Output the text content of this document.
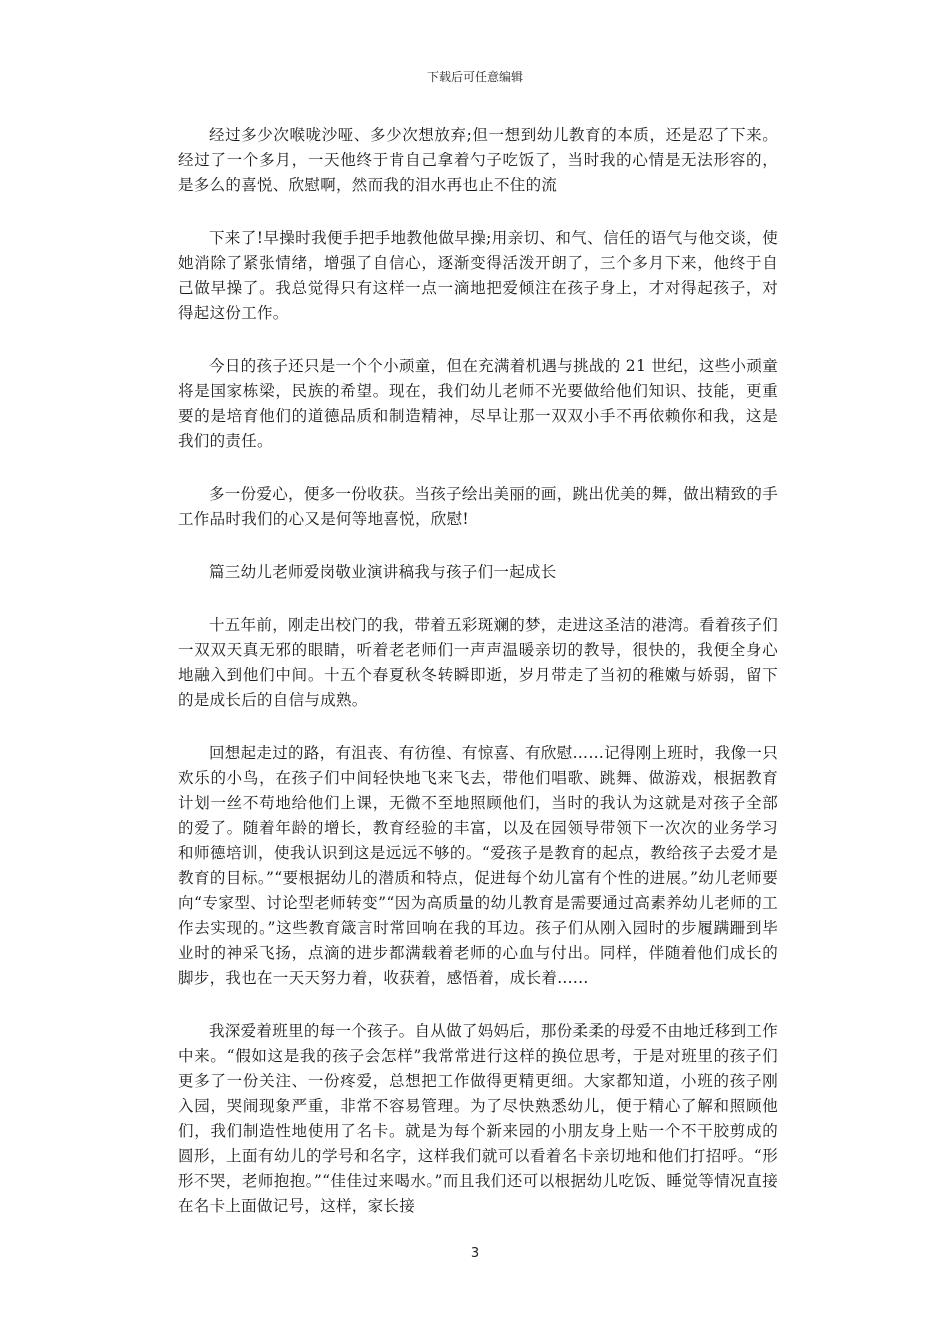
下载后可任意编辑

经过多少次喉咙沙哑、多少次想放弃;但一想到幼儿教育的本质，还是忍了下来。经过了一个多月，一天他终于肯自己拿着勺子吃饭了，当时我的心情是无法形容的，是多么的喜悦、欣慰啊，然而我的泪水再也止不住的流

下来了!早操时我便手把手地教他做早操;用亲切、和气、信任的语气与他交谈，使她消除了紧张情绪，增强了自信心，逐渐变得活泼开朗了，三个多月下来，他终于自己做早操了。我总觉得只有这样一点一滴地把爱倾注在孩子身上，才对得起孩子，对得起这份工作。

今日的孩子还只是一个个小顽童，但在充满着机遇与挑战的 21 世纪，这些小顽童将是国家栋梁，民族的希望。现在，我们幼儿老师不光要做给他们知识、技能，更重要的是培育他们的道德品质和制造精神，尽早让那一双双小手不再依赖你和我，这是我们的责任。

多一份爱心，便多一份收获。当孩子绘出美丽的画，跳出优美的舞，做出精致的手工作品时我们的心又是何等地喜悦，欣慰!

篇三幼儿老师爱岗敬业演讲稿我与孩子们一起成长

十五年前，刚走出校门的我，带着五彩斑斓的梦，走进这圣洁的港湾。看着孩子们一双双天真无邪的眼睛，听着老老师们一声声温暖亲切的教导，很快的，我便全身心地融入到他们中间。十五个春夏秋冬转瞬即逝，岁月带走了当初的稚嫩与娇弱，留下的是成长后的自信与成熟。

回想起走过的路，有沮丧、有彷徨、有惊喜、有欣慰……记得刚上班时，我像一只欢乐的小鸟，在孩子们中间轻快地飞来飞去，带他们唱歌、跳舞、做游戏，根据教育计划一丝不苟地给他们上课，无微不至地照顾他们，当时的我认为这就是对孩子全部的爱了。随着年龄的增长，教育经验的丰富，以及在园领导带领下一次次的业务学习和师德培训，使我认识到这是远远不够的。“爱孩子是教育的起点，教给孩子去爱才是教育的目标。”“要根据幼儿的潜质和特点，促进每个幼儿富有个性的进展。”幼儿老师要向“专家型、讨论型老师转变”“因为高质量的幼儿教育是需要通过高素养幼儿老师的工作去实现的。”这些教育箴言时常回响在我的耳边。孩子们从刚入园时的步履蹒跚到毕业时的神采飞扬，点滴的进步都满载着老师的心血与付出。同样，伴随着他们成长的脚步，我也在一天天努力着，收获着，感悟着，成长着......

我深爱着班里的每一个孩子。自从做了妈妈后，那份柔柔的母爱不由地迁移到工作中来。“假如这是我的孩子会怎样”我常常进行这样的换位思考，于是对班里的孩子们更多了一份关注、一份疼爱，总想把工作做得更精更细。大家都知道，小班的孩子刚入园，哭闹现象严重，非常不容易管理。为了尽快熟悉幼儿，便于精心了解和照顾他们，我们制造性地使用了名卡。就是为每个新来园的小朋友身上贴一个不干胶剪成的圆形，上面有幼儿的学号和名字，这样我们就可以看着名卡亲切地和他们打招呼。“形形不哭，老师抱抱。”“佳佳过来喝水。”而且我们还可以根据幼儿吃饭、睡觉等情况直接在名卡上面做记号，这样，家长接

3
